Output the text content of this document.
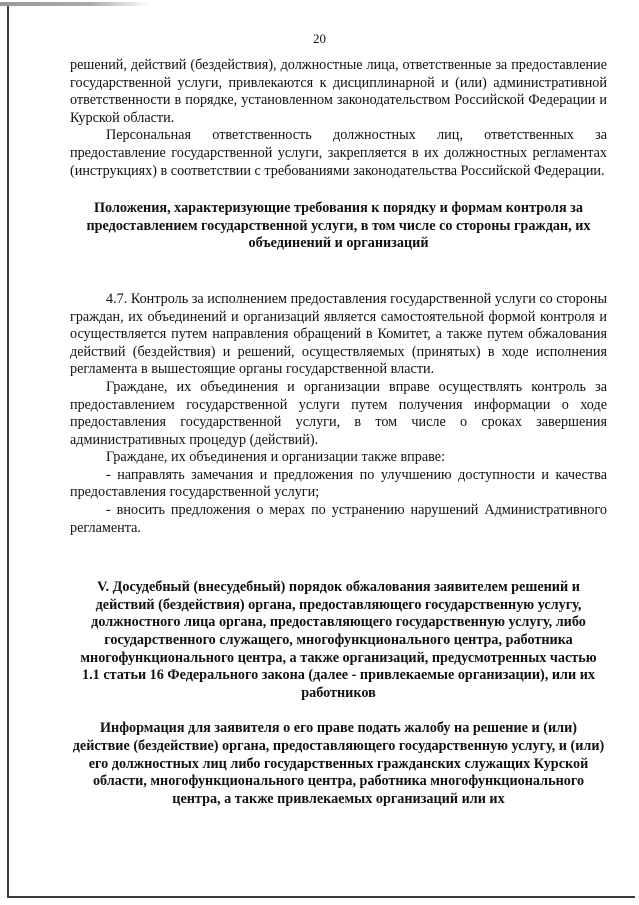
20

решений, действий (бездействия), должностные лица, ответственные за предоставление государственной услуги, привлекаются к дисциплинарной и (или) административной ответственности в порядке, установленном законодательством Российской Федерации и Курской области.

Персональная ответственность должностных лиц, ответственных за предоставление государственной услуги, закрепляется в их должностных регламентах (инструкциях) в соответствии с требованиями законодательства Российской Федерации.

Положения, характеризующие требования к порядку и формам контроля за предоставлением государственной услуги, в том числе со стороны граждан, их объединений и организаций

4.7. Контроль за исполнением предоставления государственной услуги со стороны граждан, их объединений и организаций является самостоятельной формой контроля и осуществляется путем направления обращений в Комитет, а также путем обжалования действий (бездействия) и решений, осуществляемых (принятых) в ходе исполнения регламента в вышестоящие органы государственной власти.

Граждане, их объединения и организации вправе осуществлять контроль за предоставлением государственной услуги путем получения информации о ходе предоставления государственной услуги, в том числе о сроках завершения административных процедур (действий).

Граждане, их объединения и организации также вправе:

- направлять замечания и предложения по улучшению доступности и качества предоставления государственной услуги;

- вносить предложения о мерах по устранению нарушений Административного регламента.

V. Досудебный (внесудебный) порядок обжалования заявителем решений и действий (бездействия) органа, предоставляющего государственную услугу, должностного лица органа, предоставляющего государственную услугу, либо государственного служащего, многофункционального центра, работника многофункционального центра, а также организаций, предусмотренных частью 1.1 статьи 16 Федерального закона (далее - привлекаемые организации), или их работников

Информация для заявителя о его праве подать жалобу на решение и (или) действие (бездействие) органа, предоставляющего государственную услугу, и (или) его должностных лиц либо государственных гражданских служащих Курской области, многофункционального центра, работника многофункционального центра, а также привлекаемых организаций или их
